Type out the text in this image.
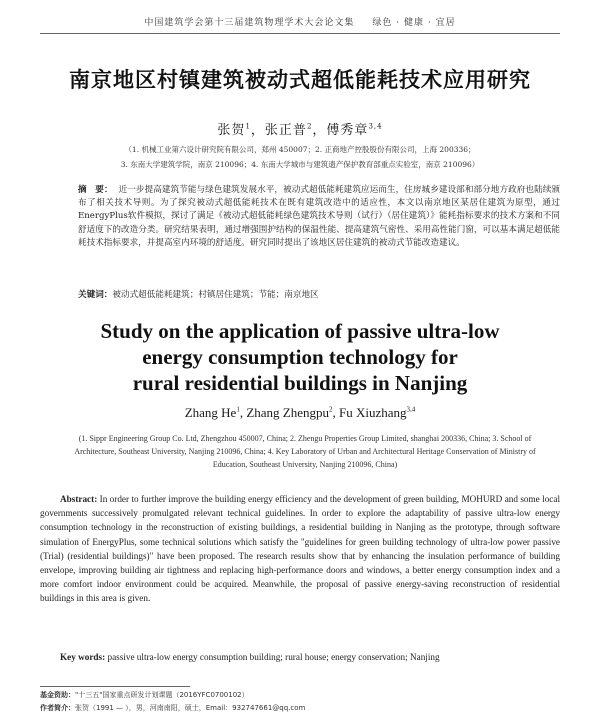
中国建筑学会第十三届建筑物理学术大会论文集 绿色 · 健康 · 宜居
南京地区村镇建筑被动式超低能耗技术应用研究
张贺$^1$，张正普$^2$，傅秀章$^{3,4}$
（1. 机械工业第六设计研究院有限公司，郑州 450007；2. 正商地产控股股份有限公司，上海 200336；
3. 东南大学建筑学院，南京 210096；4. 东南大学城市与建筑遗产保护教育部重点实验室，南京 210096）
摘　要： 近一步提高建筑节能与绿色建筑发展水平，被动式超低能耗建筑应运而生，住房城乡建设部和部分地方政府也陆续颁布了相关技术导则。为了探究被动式超低能耗技术在既有建筑改造中的适应性，本文以南京地区某居住建筑为原型，通过EnergyPlus软件模拟，探讨了满足《被动式超低能耗绿色建筑技术导则（试行）（居住建筑）》能耗指标要求的技术方案和不同舒适度下的改造分类。研究结果表明，通过增强围护结构的保温性能、提高建筑气密性、采用高性能门窗，可以基本满足超低能耗技术指标要求，并提高室内环境的舒适度。研究同时提出了该地区居住建筑的被动式节能改造建议。
关键词：被动式超低能耗建筑；村镇居住建筑；节能；南京地区
Study on the application of passive ultra-low
energy consumption technology for
rural residential buildings in Nanjing
Zhang He$^1$, Zhang Zhengpu$^2$, Fu Xiuzhang$^{3,4}$
(1. Sippr Engineering Group Co. Ltd, Zhengzhou 450007, China; 2. Zhengu Properties Group Limited, shanghai 200336, China; 3. School of Architecture, Southeast University, Nanjing 210096, China; 4. Key Laboratory of Urban and Architectural Heritage Conservation of Ministry of Education, Southeast University, Nanjing 210096, China)
Abstract: In order to further improve the building energy efficiency and the development of green building, MOHURD and some local governments successively promulgated relevant technical guidelines. In order to explore the adaptability of passive ultra-low energy consumption technology in the reconstruction of existing buildings, a residential building in Nanjing as the prototype, through software simulation of EnergyPlus, some technical solutions which satisfy the "guidelines for green building technology of ultra-low power passive (Trial) (residential buildings)" have been proposed. The research results show that by enhancing the insulation performance of building envelope, improving building air tightness and replacing high-performance doors and windows, a better energy consumption index and a more comfort indoor environment could be acquired. Meanwhile, the proposal of passive energy-saving reconstruction of residential buildings in this area is given.
Key words: passive ultra-low energy consumption building; rural house; energy conservation; Nanjing
基金资助："十三五"国家重点研发计划课题（2016YFC0700102）
作者简介：张贺（1991 — ），男，河南南阳，硕士，Email：932747661@qq.com
